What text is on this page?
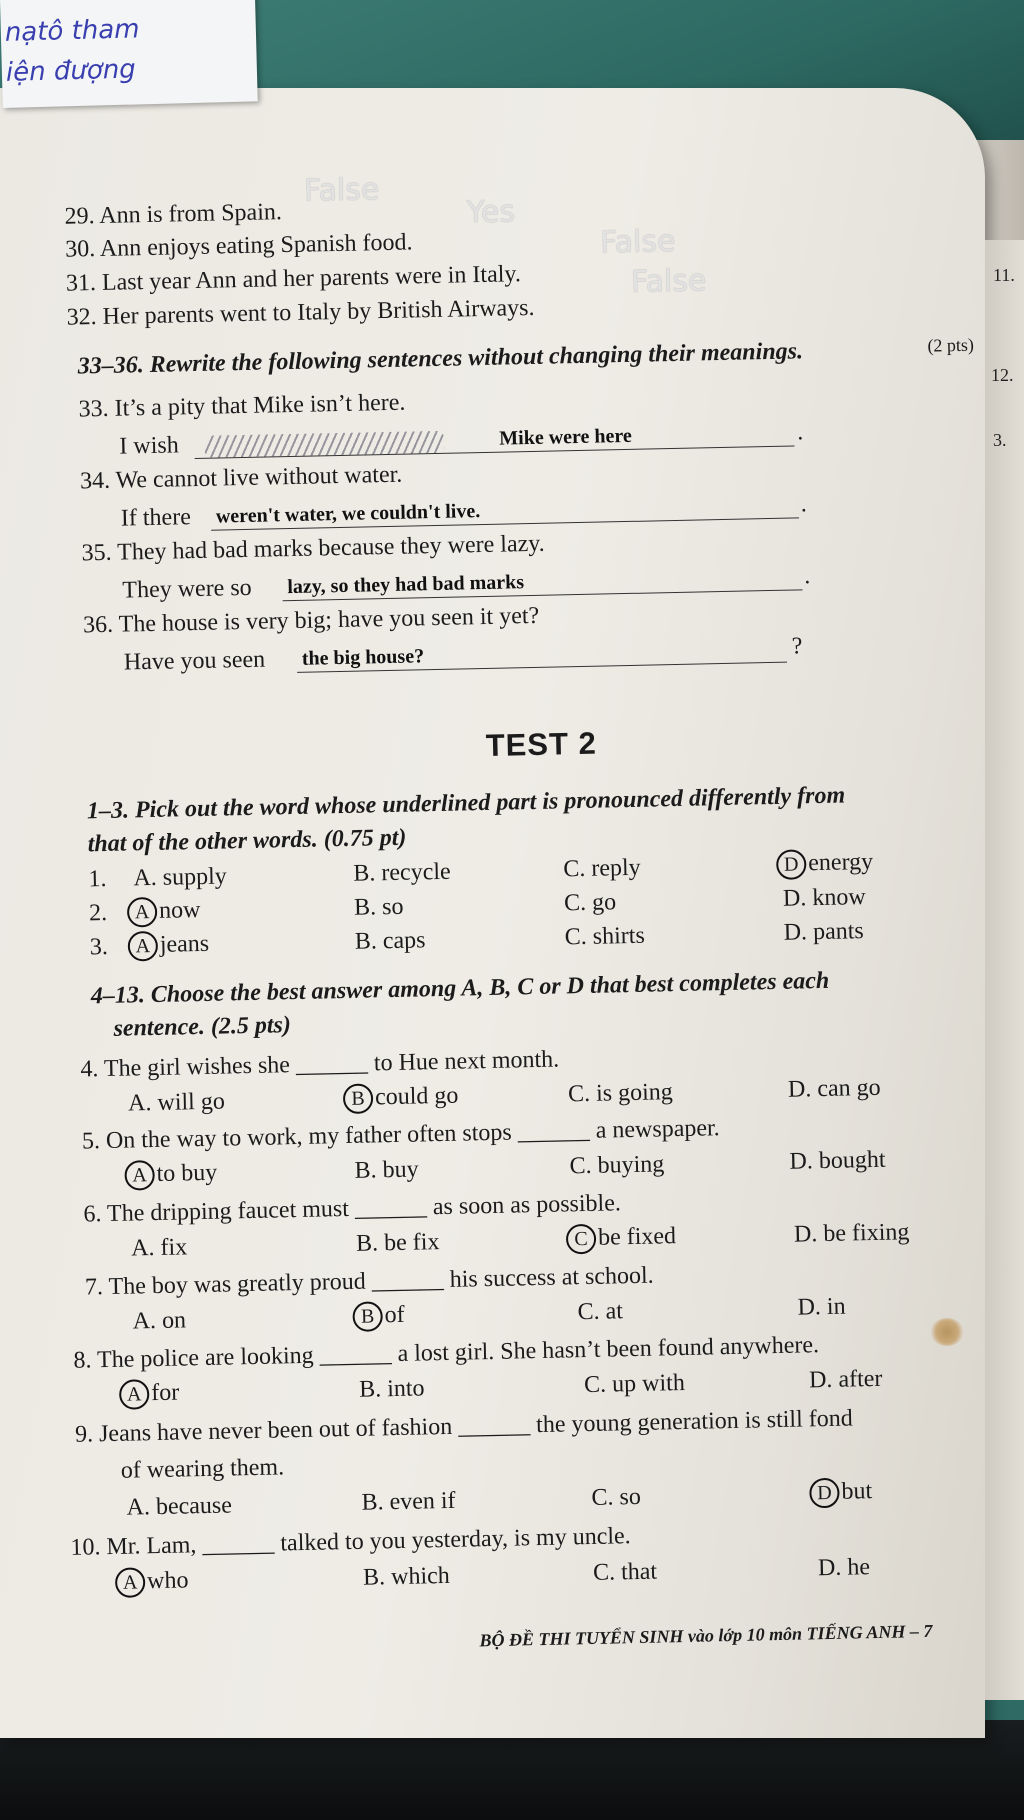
11.
12.
3.
nạtô tham
iện đượng
29. Ann is from Spain.
False
30. Ann enjoys eating Spanish food.
Yes
31. Last year Ann and her parents were in Italy.
False
32. Her parents went to Italy by British Airways.
False
33–36. Rewrite the following sentences without changing their meanings.	(2 pts)
33. It’s a pity that Mike isn’t here.
I wish	Mike were here	.
34. We cannot live without water.
If there weren't water, we couldn't live.	.
35. They had bad marks because they were lazy.
They were so lazy, so they had bad marks	.
36. The house is very big; have you seen it yet?
Have you seen the big house?	?
TEST 2
1–3. Pick out the word whose underlined part is pronounced differently from
that of the other words. (0.75 pt)
1. A. supply	B. recycle	C. reply	D energy
2.	A now	B. so	C. go	D. know
3.	A jeans	B. caps	C. shirts	D. pants
4–13. Choose the best answer among A, B, C or D that best completes each
sentence. (2.5 pts)
4. The girl wishes she ______ to Hue next month.
A. will go	B could go	C. is going	D. can go
5. On the way to work, my father often stops ______ a newspaper.
A to buy	B. buy	C. buying	D. bought
6. The dripping faucet must ______ as soon as possible.
A. fix	B. be fix	C be fixed	D. be fixing
7. The boy was greatly proud ______ his success at school.
A. on	B of	C. at	D. in
8. The police are looking ______ a lost girl. She hasn’t been found anywhere.
A for	B. into	C. up with	D. after
9. Jeans have never been out of fashion ______ the young generation is still fond
of wearing them.
A. because	B. even if	C. so	D but
10. Mr. Lam, ______ talked to you yesterday, is my uncle.
A who	B. which	C. that	D. he
BỘ ĐỀ THI TUYỂN SINH vào lớp 10 môn TIẾNG ANH – 7
